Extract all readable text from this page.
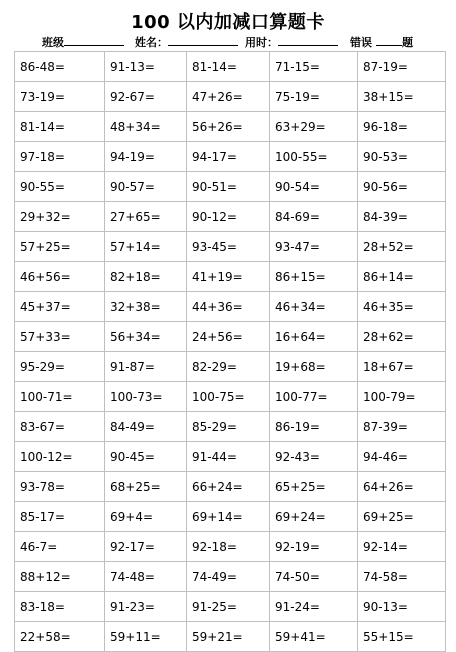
100 以内加减口算题卡
班级	姓名：	用时：	错误	题
86-48=	91-13=	81-14=	71-15=	87-19=
73-19=	92-67=	47+26=	75-19=	38+15=
81-14=	48+34=	56+26=	63+29=	96-18=
97-18=	94-19=	94-17=	100-55=	90-53=
90-55=	90-57=	90-51=	90-54=	90-56=
29+32=	27+65=	90-12=	84-69=	84-39=
57+25=	57+14=	93-45=	93-47=	28+52=
46+56=	82+18=	41+19=	86+15=	86+14=
45+37=	32+38=	44+36=	46+34=	46+35=
57+33=	56+34=	24+56=	16+64=	28+62=
95-29=	91-87=	82-29=	19+68=	18+67=
100-71=	100-73=	100-75=	100-77=	100-79=
83-67=	84-49=	85-29=	86-19=	87-39=
100-12=	90-45=	91-44=	92-43=	94-46=
93-78=	68+25=	66+24=	65+25=	64+26=
85-17=	69+4=	69+14=	69+24=	69+25=
46-7=	92-17=	92-18=	92-19=	92-14=
88+12=	74-48=	74-49=	74-50=	74-58=
83-18=	91-23=	91-25=	91-24=	90-13=
22+58=	59+11=	59+21=	59+41=	55+15=
